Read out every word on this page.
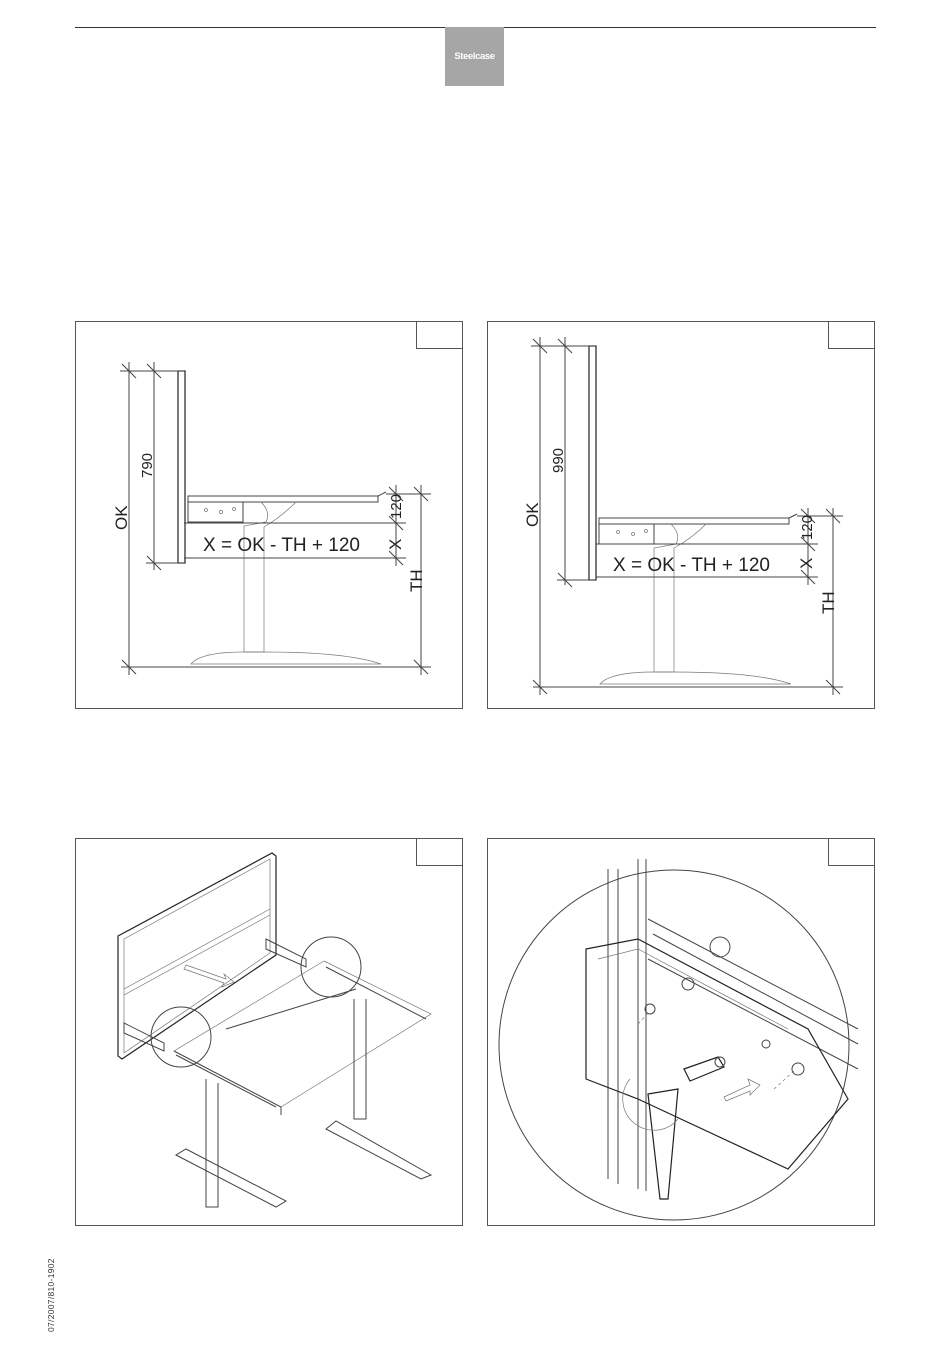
Steelcase
OK
790
120
X
TH
X = OK - TH + 120
OK
990
120
X
TH
X = OK - TH + 120
07/2007/810-1902
